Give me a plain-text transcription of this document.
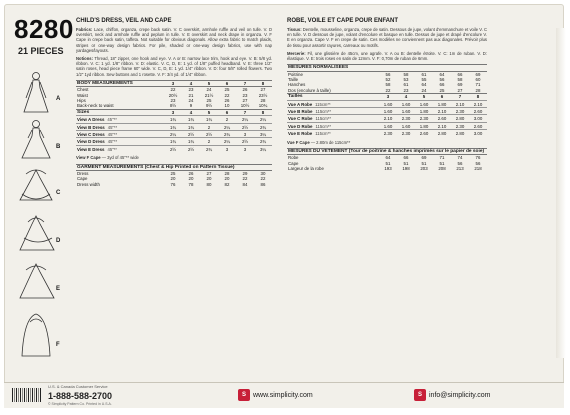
8280
21 PIECES
A
B
C
D
E
F
CHILD'S DRESS, VEIL AND CAPE

Fabrics: Lace, chiffon, organza, crepe back satin. V. C overskirt, armhole ruffle and veil on tulle. V. D overskirt, neck and armhole ruffle and peplum in tulle. V. E overskirt and neck drape in organza. V. F Cape in crepe back satin, taffeta. Not suitable for obvious diagonals. Allow extra fabric to match plaids, stripes or one-way design fabrics. For pile, shaded or one-way design fabrics, use with nap yardages/layouts.

Notions: Thread, 18" zipper, one hook and eye. V. A or B: narrow lace trim, hook and eye. V. B: 5/8 yd. ribbon. V. C: 1 yd. 1/8" ribbon. V. D: elastic. V. C, D, E: 1 yd. of 1/8" puffed headband. V. E: three 1/2" satin roses, head piece frame 60" wide. V. C, D, E: 1 yd. 1/4" ribbon. V. D: four 5/8" rolled flowers. Two 1/2" 1yd ribbon. Sew buttons and 1 rosette. V. F: 3/4 yd. of 1/4" ribbon.

BODY MEASUREMENTS	3	4	5	6	7	8
Chest	22	23	24	25	26	27
Waist	20½	21	21½	22	23	23½
Hips	23	24	25	26	27	28
Back-neck to waist	8½	9	9½	10	10½	10¾
Sizes	3	4	5	6	7	8
View A Dress 45"**	1¾	1¾	1¾	2	2¼	2¼
View B Dress 45"**	1¾	1¾	2	2¼	2½	2¾
View C Dress 45"**	2¼	2½	2½	2¾	3	3¼
View D Dress 45"**	1¾	1¾	2	2¼	2½	2¾
View E Dress 45"**	2½	2½	2¾	3	3	3¼

View F Cape — 3yd of 45"** wide

GARMENT MEASUREMENTS (Chest & Hip Printed on Pattern Tissue)						
Dress	25	26	27	28	29	30
Cape	20	20	20	20	22	22
Dress width	76	78	80	82	84	86
ROBE, VOILE ET CAPE POUR ENFANT

Tissus: Dentelle, mousseline, organza, crepe de satin. Dessous de jupe, volant d'emmanchure et voile V. C en tulle. V. D dessous de jupe, volant d'encolure et basque en tulle. Dessus de jupe et drapé d'encolure V. E en organza. Cape V. F en crepe de satin. Ces modèles ne conviennent pas aux diagonales. Prévoir plus de tissu pour assortir rayures, carreaux ou motifs.

Mercerie: Fil, une glissière de 45cm, une agrafe. V. A ou B: dentelle étroite. V. C: 1m de ruban. V. D: élastique. V. E: trois roses en satin de 12mm. V. F: 0,70m de ruban de 6mm.

MESURES NORMALISEES						
Poitrine	56	58	61	64	66	69
Taille	52	53	55	56	58	60
Hanches	58	61	64	66	69	71
Dos (encolure à taille)	22	23	24	25	27	28
Tailles	3	4	5	6	7	8
Vue A Robe 115cm**	1.60	1.60	1.60	1.80	2.10	2.10
Vue B Robe 115cm**	1.60	1.60	1.80	2.10	2.30	2.60
Vue C Robe 115cm**	2.10	2.30	2.30	2.60	2.80	3.00
Vue D Robe 115cm**	1.60	1.60	1.80	2.10	2.30	2.60
Vue E Robe 115cm**	2.30	2.30	2.60	2.80	2.80	3.00

Vue F Cape — 2.80m de 115cm**

MESURES DU VETEMENT (Tour de poitrine & hanches imprimés sur le papier de soie)						
Robe	64	66	69	71	74	76
Cape	51	51	51	51	56	56
Largeur de la robe	193	198	203	208	213	218
U.S. & Canada Customer Service
1-888-588-2700	S	www.simplicity.com	S	info@simplicity.com
© Simplicity Pattern Co. Printed in U.S.A.
